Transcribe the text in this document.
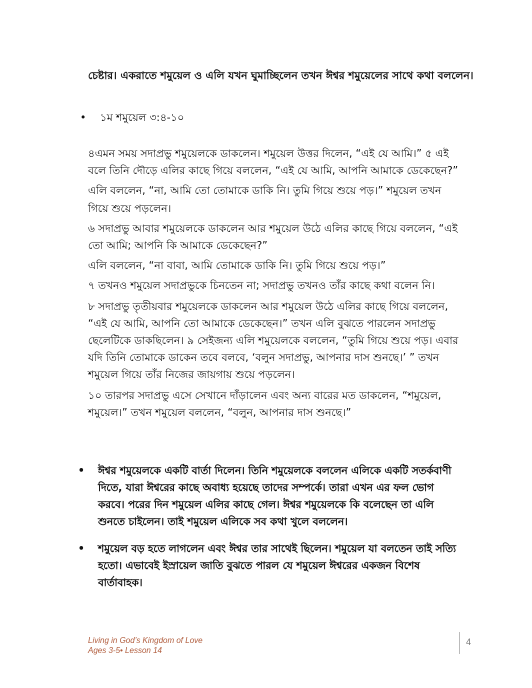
চেষ্টার। একরাতে শমুয়েল ও এলি যখন ঘুমাচ্ছিলেন তখন ঈশ্বর শমুয়েলের সাথে কথা বললেন।
• ১ম শমুয়েল ৩:৪-১০

৪এমন সময় সদাপ্রভু শমুয়েলকে ডাকলেন। শমুয়েল উত্তর দিলেন, “এই যে আমি।” ৫ এই বলে তিনি দৌড়ে এলির কাছে গিয়ে বললেন, “এই যে আমি, আপনি আমাকে ডেকেছেন?”

এলি বললেন, “না, আমি তো তোমাকে ডাকি নি। তুমি গিয়ে শুয়ে পড়।” শমুয়েল তখন গিয়ে শুয়ে পড়লেন।

৬ সদাপ্রভু আবার শমুয়েলকে ডাকলেন আর শমুয়েল উঠে এলির কাছে গিয়ে বললেন, “এই তো আমি; আপনি কি আমাকে ডেকেছেন?”

এলি বললেন, “না বাবা, আমি তোমাকে ডাকি নি। তুমি গিয়ে শুয়ে পড়।”

৭ তখনও শমুয়েল সদাপ্রভুকে চিনতেন না; সদাপ্রভু তখনও তাঁর কাছে কথা বলেন নি।

৮ সদাপ্রভু তৃতীয়বার শমুয়েলকে ডাকলেন আর শমুয়েল উঠে এলির কাছে গিয়ে বললেন, “এই যে আমি, আপনি তো আমাকে ডেকেছেন।” তখন এলি বুঝতে পারলেন সদাপ্রভু ছেলেটিকে ডাকছিলেন। ৯ সেইজন্য এলি শমুয়েলকে বললেন, “তুমি গিয়ে শুয়ে পড়। এবার যদি তিনি তোমাকে ডাকেন তবে বলবে, ‘বলুন সদাপ্রভু, আপনার দাস শুনছে।’ ” তখন শমুয়েল গিয়ে তাঁর নিজের জায়গায় শুয়ে পড়লেন।

১০ তারপর সদাপ্রভু এসে সেখানে দাঁড়ালেন এবং অন্য বারের মত ডাকলেন, “শমুয়েল, শমুয়েল।” তখন শমুয়েল বললেন, “বলুন, আপনার দাস শুনছে।”

•	ঈশ্বর শমুয়েলকে একটি বার্তা দিলেন। তিনি শমুয়েলকে বললেন এলিকে একটি সতর্কবাণী দিতে, যারা ঈশ্বরের কাছে অবাধ্য হয়েছে তাদের সম্পর্কে। তারা এখন এর ফল ভোগ করবে। পরের দিন শমুয়েল এলির কাছে গেল। ঈশ্বর শমুয়েলকে কি বলেছেন তা এলি শুনতে চাইলেন। তাই শমুয়েল এলিকে সব কথা খুলে বললেন।
•	শমুয়েল বড় হতে লাগলেন এবং ঈশ্বর তার সাথেই ছিলেন। শমুয়েল যা বলতেন তাই সত্যি হতো। এভাবেই ইস্রায়েল জাতি বুঝতে পারল যে শমুয়েল ঈশ্বরের একজন বিশেষ বার্তাবাহক।
Living in God’s Kingdom of Love
Ages 3-5• Lesson 14
4
